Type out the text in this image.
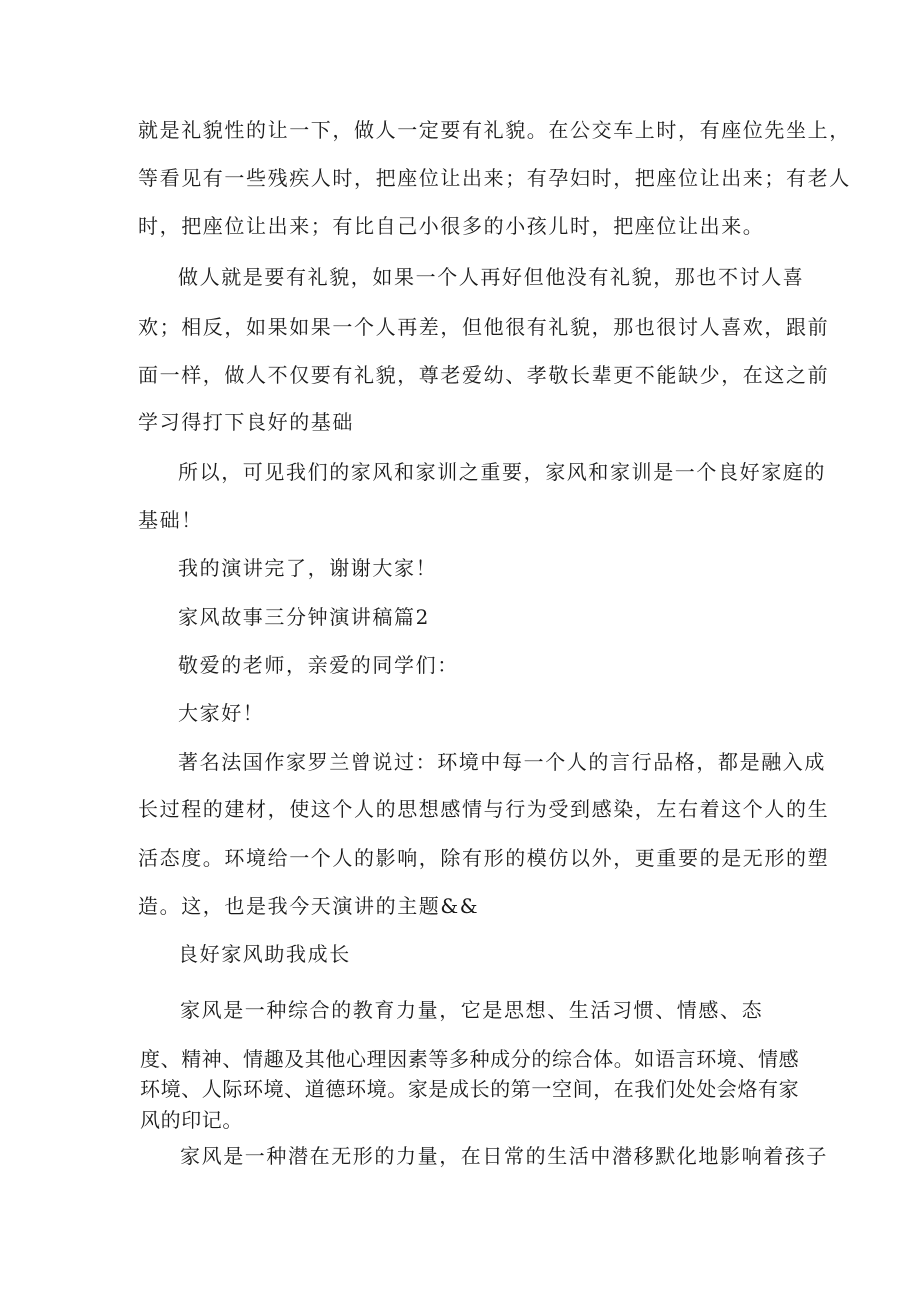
就是礼貌性的让一下，做人一定要有礼貌。在公交车上时，有座位先坐上，
等看见有一些残疾人时，把座位让出来；有孕妇时，把座位让出来；有老人
时，把座位让出来；有比自己小很多的小孩儿时，把座位让出来。
做人就是要有礼貌，如果一个人再好但他没有礼貌，那也不讨人喜
欢；相反，如果如果一个人再差，但他很有礼貌，那也很讨人喜欢，跟前
面一样，做人不仅要有礼貌，尊老爱幼、孝敬长辈更不能缺少，在这之前
学习得打下良好的基础
所以，可见我们的家风和家训之重要，家风和家训是一个良好家庭的
基础！
我的演讲完了，谢谢大家！
家风故事三分钟演讲稿篇2
敬爱的老师，亲爱的同学们：
大家好！
著名法国作家罗兰曾说过：环境中每一个人的言行品格，都是融入成
长过程的建材，使这个人的思想感情与行为受到感染，左右着这个人的生
活态度。环境给一个人的影响，除有形的模仿以外，更重要的是无形的塑
造。这，也是我今天演讲的主题&&
良好家风助我成长
家风是一种综合的教育力量，它是思想、生活习惯、情感、态
度、精神、情趣及其他心理因素等多种成分的综合体。如语言环境、情感
环境、人际环境、道德环境。家是成长的第一空间，在我们处处会烙有家
风的印记。
家风是一种潜在无形的力量，在日常的生活中潜移默化地影响着孩子
